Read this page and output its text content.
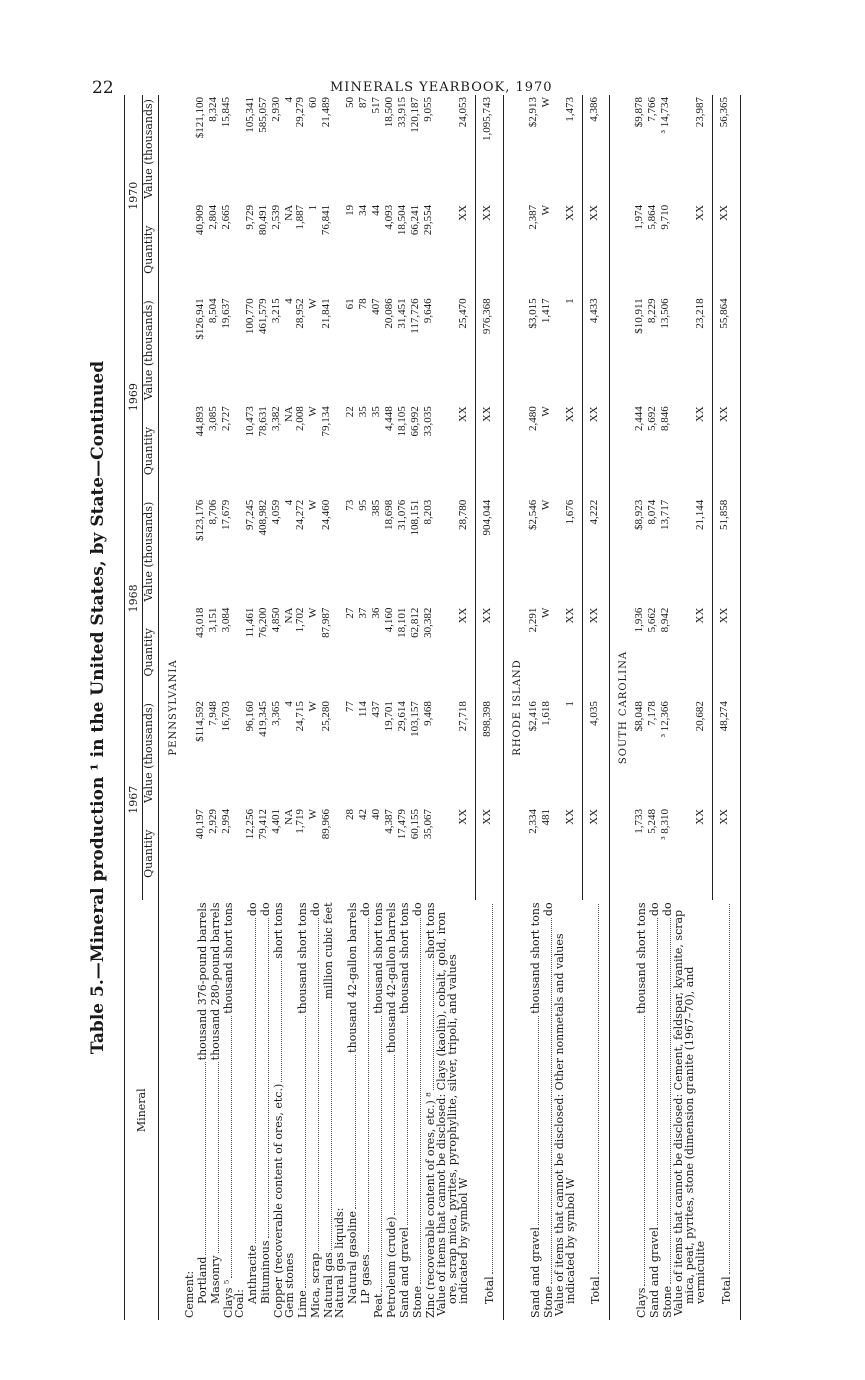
22	MINERALS YEARBOOK, 1970
Table 5.—Mineral production ¹ in the United States, by State—Continued

Mineral	1967		1968		1969		1970	
	Quantity	Value (thousands)	Quantity	Value (thousands)	Quantity	Value (thousands)	Quantity	Value (thousands)

PENNSYLVANIA								

Cement:								

Portland
thousand 376-pound barrels	40,197	$114,592	43,018	$123,176	44,893	$126,941	40,909	$121,100

Masonry
thousand 280-pound barrels	2,929	7,948	3,151	8,706	3,085	8,504	2,804	8,324

Clays ⁵
thousand short tons	2,994	16,703	3,084	17,679	2,727	19,637	2,665	15,845

Coal:								

Anthracite
do	12,256	96,160	11,461	97,245	10,473	100,770	9,729	105,341

Bituminous
do	79,412	419,345	76,200	408,982	78,631	461,579	80,491	585,057

Copper (recoverable content of ores, etc.)
short tons	4,401	3,365	4,850	4,059	3,382	3,215	2,539	2,930

Gem stones	NA	4	NA	4	NA	4	NA	4

Lime
thousand short tons	1,719	24,715	1,702	24,272	2,008	28,952	1,887	29,279

Mica, scrap
do	W	W	W	W	W	W	1	60

Natural gas
million cubic feet	89,966	25,280	87,987	24,460	79,134	21,841	76,841	21,489

Natural gas liquids:								

Natural gasoline
thousand 42-gallon barrels	28	77	27	73	22	61	19	50

LP gases
do	42	114	37	95	35	78	34	87

Peat
thousand short tons	40	437	36	385	35	407	44	517

Petroleum (crude)
thousand 42-gallon barrels	4,387	19,701	4,160	18,698	4,448	20,086	4,093	18,500

Sand and gravel
thousand short tons	17,479	29,614	18,101	31,076	18,105	31,451	18,504	33,915

Stone
do	60,155	103,157	62,812	108,151	66,992	117,726	66,241	120,187

Zinc (recoverable content of ores, etc.) ⁸
short tons	35,067	9,468	30,382	8,203	33,035	9,646	29,554	9,055

Value of items that cannot be disclosed: Clays (kaolin), cobalt, gold, iron ore, scrap mica, pyrites, pyrophyllite, silver, tripoli, and values indicated by symbol W	XX	27,718	XX	28,780	XX	25,470	XX	24,053

Total	XX	898,398	XX	904,044	XX	976,368	XX	1,095,743

RHODE ISLAND								

Sand and gravel
thousand short tons	2,334	$2,416	2,291	$2,546	2,480	$3,015	2,387	$2,913

Stone
do	481	1,618	W	W	W	1,417	W	W

Value of items that cannot be disclosed: Other nonmetals and values indicated by symbol W	XX	1	XX	1,676	XX	1	XX	1,473

Total	XX	4,035	XX	4,222	XX	4,433	XX	4,386

SOUTH CAROLINA								

Clays
thousand short tons	1,733	$8,048	1,936	$8,923	2,444	$10,911	1,974	$9,878

Sand and gravel
do	5,248	7,178	5,662	8,074	5,692	8,229	5,864	7,766

Stone
do	³ 8,310	³ 12,366	8,942	13,717	8,846	13,506	9,710	³ 14,734

Value of items that cannot be disclosed: Cement, feldspar, kyanite, scrap mica, peat, pyrites, stone (dimension granite (1967–70), and vermiculite	XX	20,682	XX	21,144	XX	23,218	XX	23,987

Total	XX	48,274	XX	51,858	XX	55,864	XX	56,365
